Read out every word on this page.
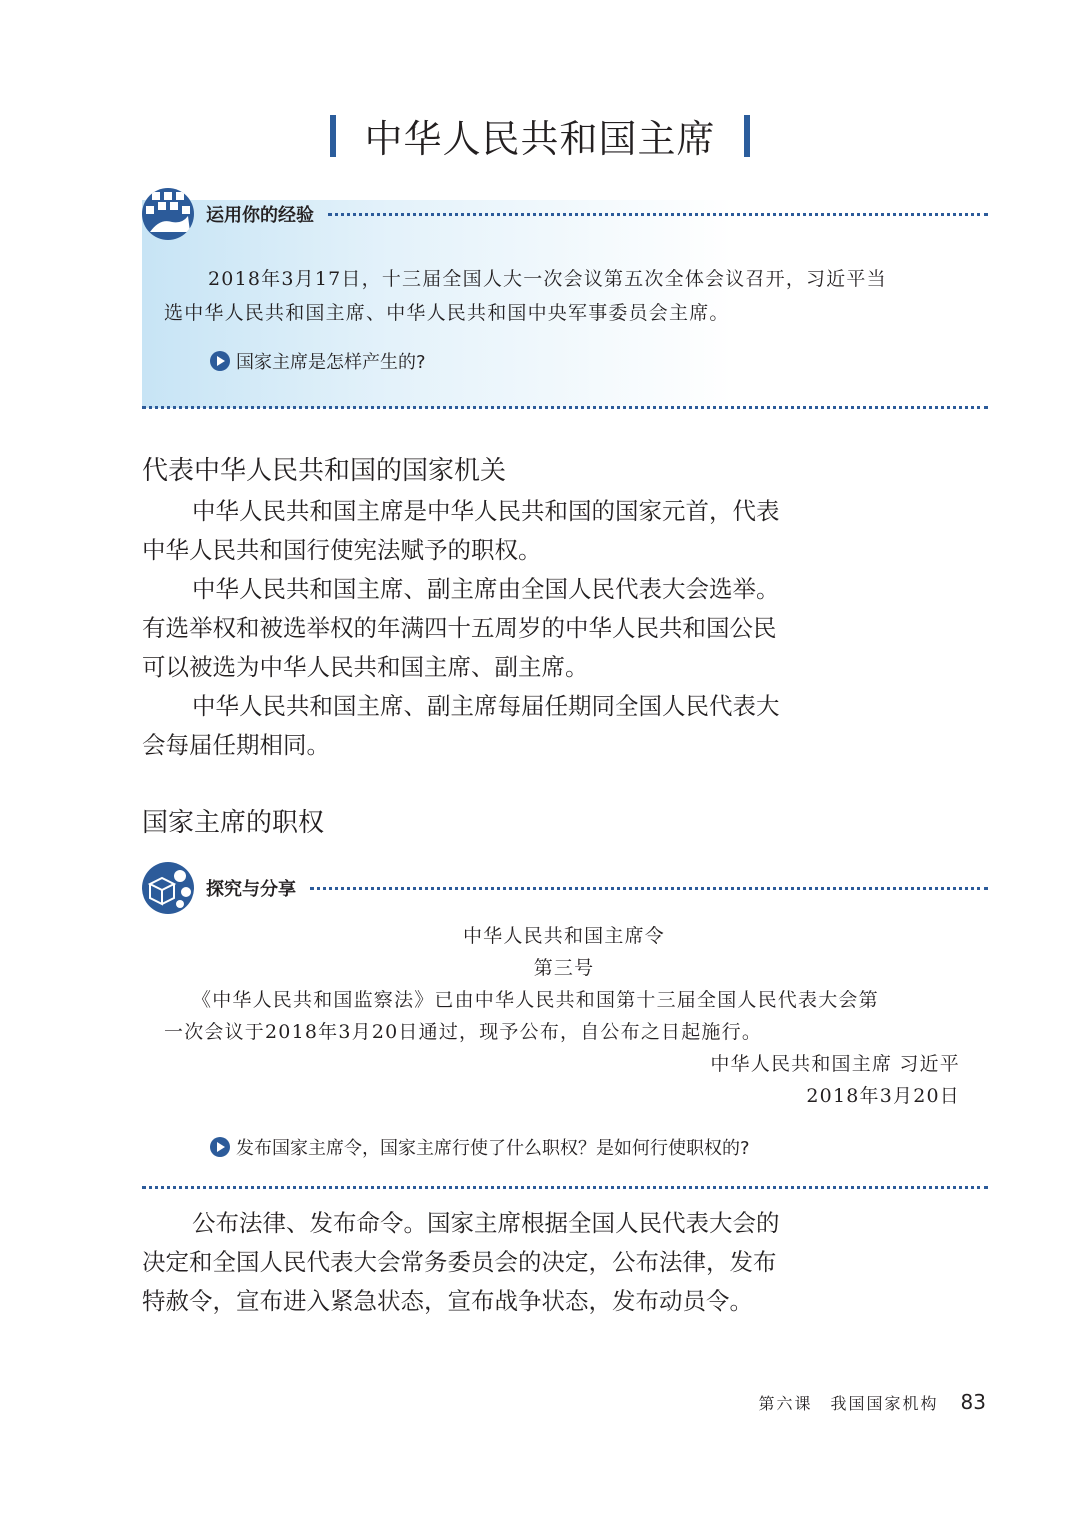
中华人民共和国主席
运用你的经验
2018年3月17日，十三届全国人大一次会议第五次全体会议召开，习近平当
选中华人民共和国主席、中华人民共和国中央军事委员会主席。
国家主席是怎样产生的?
代表中华人民共和国的国家机关

中华人民共和国主席是中华人民共和国的国家元首，代表中华人民共和国行使宪法赋予的职权。

中华人民共和国主席、副主席由全国人民代表大会选举。有选举权和被选举权的年满四十五周岁的中华人民共和国公民可以被选为中华人民共和国主席、副主席。

中华人民共和国主席、副主席每届任期同全国人民代表大会每届任期相同。

国家主席的职权
探究与分享
中华人民共和国主席令
第三号
《中华人民共和国监察法》已由中华人民共和国第十三届全国人民代表大会第
一次会议于2018年3月20日通过，现予公布，自公布之日起施行。
中华人民共和国主席 习近平
2018年3月20日
发布国家主席令，国家主席行使了什么职权？是如何行使职权的?

公布法律、发布命令。国家主席根据全国人民代表大会的决定和全国人民代表大会常务委员会的决定，公布法律，发布特赦令，宣布进入紧急状态，宣布战争状态，发布动员令。

第六课　我国国家机构 83
